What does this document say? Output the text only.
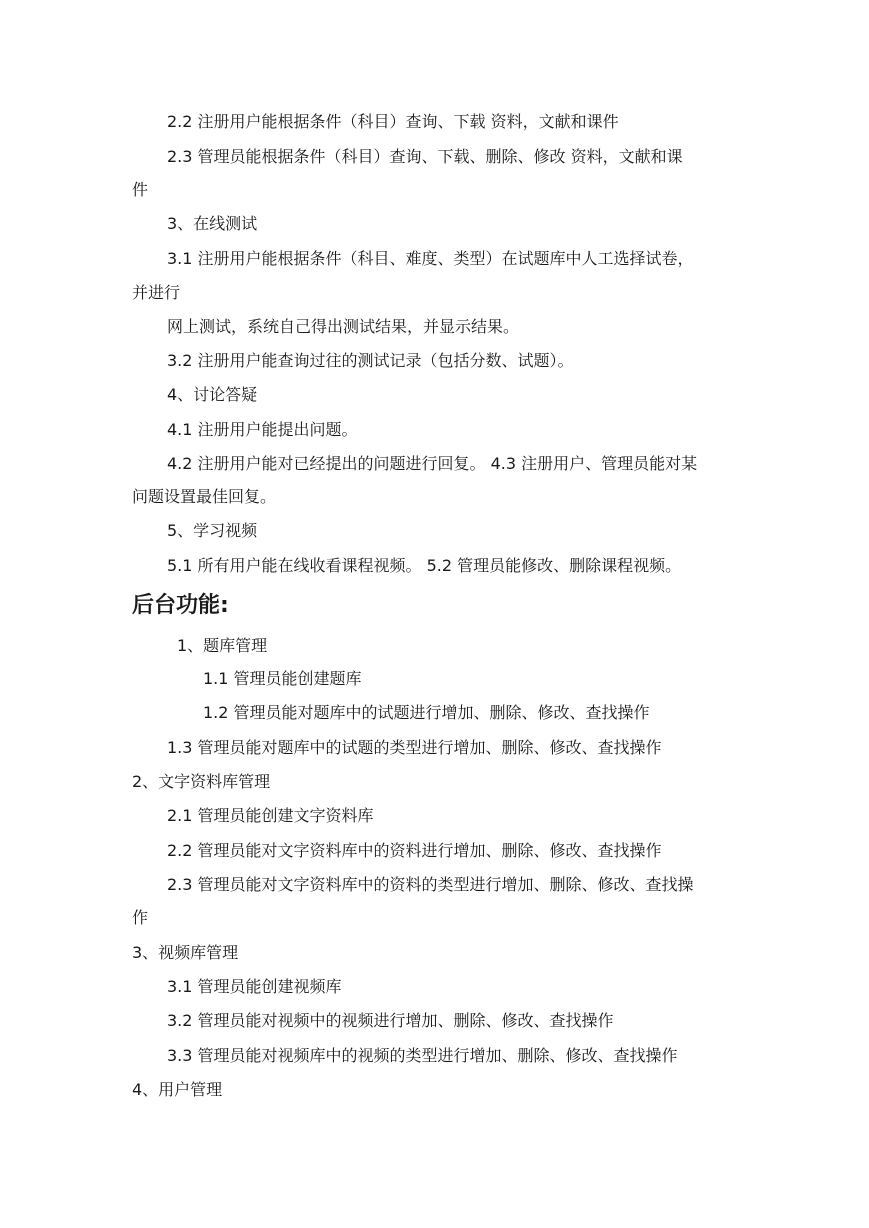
2.2 注册用户能根据条件（科目）查询、下载 资料，文献和课件
2.3 管理员能根据条件（科目）查询、下载、删除、修改 资料，文献和课
件
3、在线测试
3.1 注册用户能根据条件（科目、难度、类型）在试题库中人工选择试卷，
并进行
网上测试，系统自己得出测试结果，并显示结果。
3.2 注册用户能查询过往的测试记录（包括分数、试题）。
4、讨论答疑
4.1 注册用户能提出问题。
4.2 注册用户能对已经提出的问题进行回复。 4.3 注册用户、管理员能对某
问题设置最佳回复。
5、学习视频
5.1 所有用户能在线收看课程视频。 5.2 管理员能修改、删除课程视频。
后台功能:
1、题库管理
1.1 管理员能创建题库
1.2 管理员能对题库中的试题进行增加、删除、修改、查找操作
1.3 管理员能对题库中的试题的类型进行增加、删除、修改、查找操作
2、文字资料库管理
2.1 管理员能创建文字资料库
2.2 管理员能对文字资料库中的资料进行增加、删除、修改、查找操作
2.3 管理员能对文字资料库中的资料的类型进行增加、删除、修改、查找操
作
3、视频库管理
3.1 管理员能创建视频库
3.2 管理员能对视频中的视频进行增加、删除、修改、查找操作
3.3 管理员能对视频库中的视频的类型进行增加、删除、修改、查找操作
4、用户管理
